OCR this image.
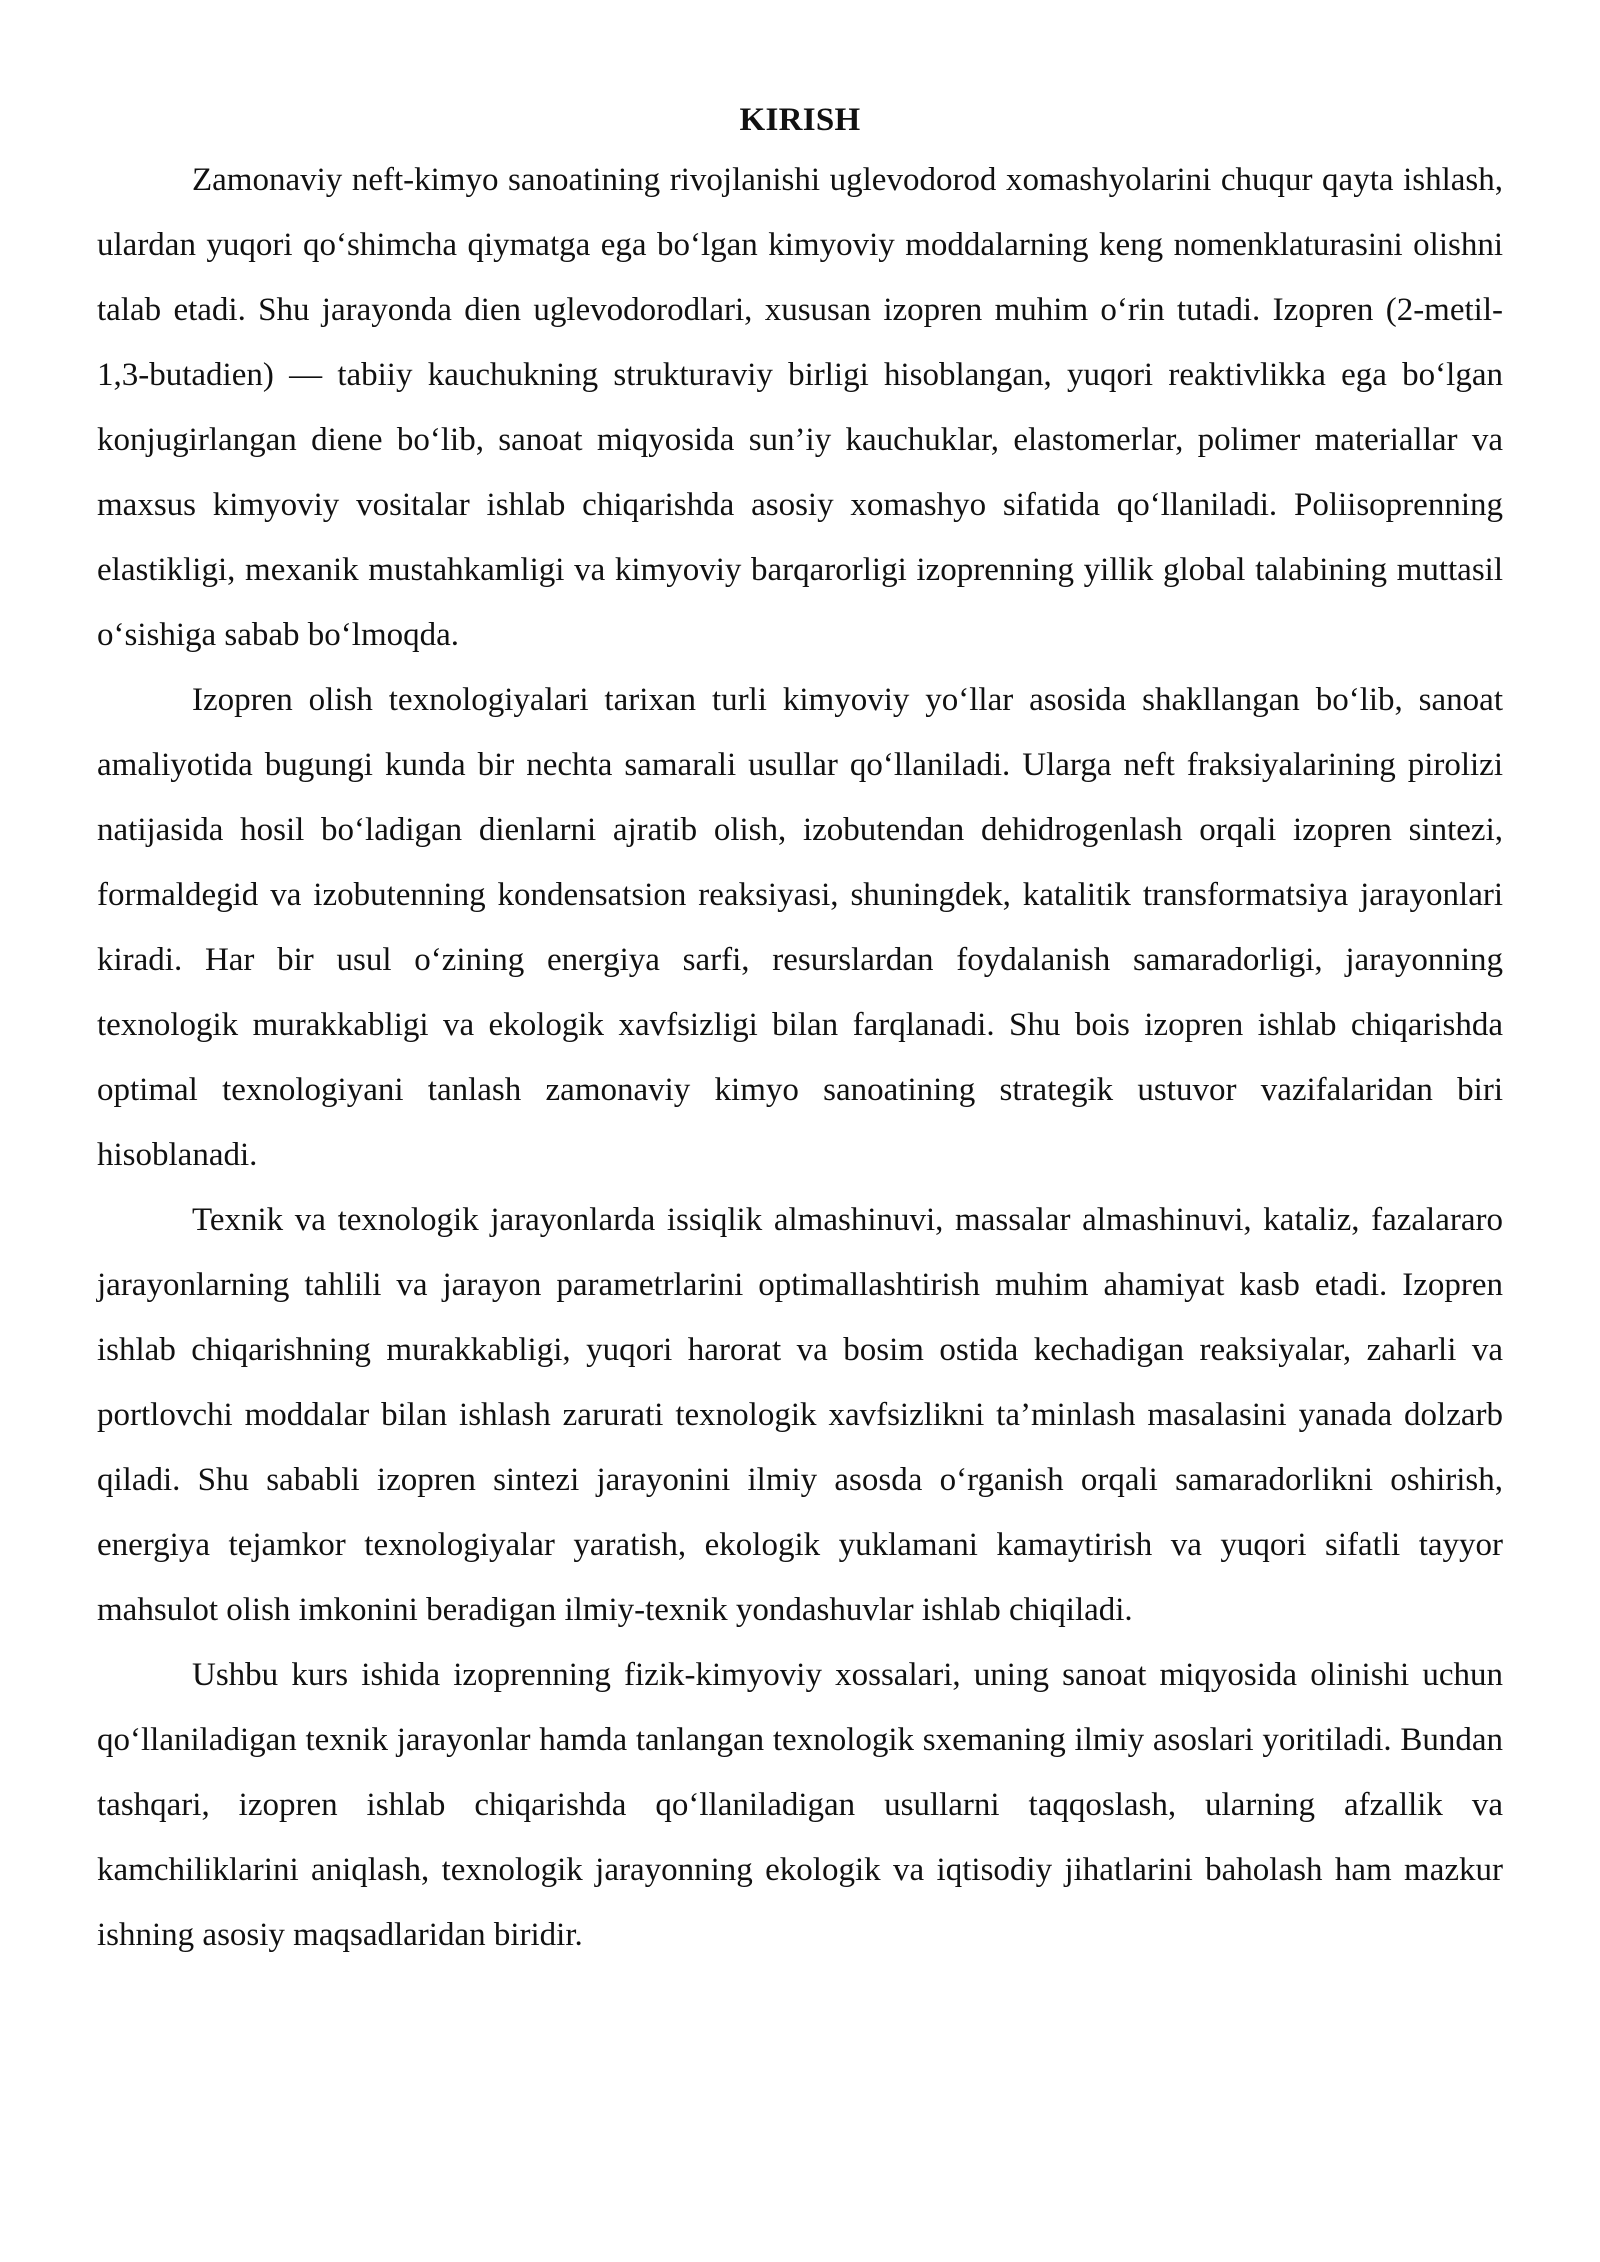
KIRISH

Zamonaviy neft-kimyo sanoatining rivojlanishi uglevodorod xomashyolarini chuqur qayta ishlash, ulardan yuqori qo‘shimcha qiymatga ega bo‘lgan kimyoviy moddalarning keng nomenklaturasini olishni talab etadi. Shu jarayonda dien uglevodorodlari, xususan izopren muhim o‘rin tutadi. Izopren (2-metil-1,3-butadien) — tabiiy kauchukning strukturaviy birligi hisoblangan, yuqori reaktivlikka ega bo‘lgan konjugirlangan diene bo‘lib, sanoat miqyosida sun’iy kauchuklar, elastomerlar, polimer materiallar va maxsus kimyoviy vositalar ishlab chiqarishda asosiy xomashyo sifatida qo‘llaniladi. Poliisoprenning elastikligi, mexanik mustahkamligi va kimyoviy barqarorligi izoprenning yillik global talabining muttasil o‘sishiga sabab bo‘lmoqda.

Izopren olish texnologiyalari tarixan turli kimyoviy yo‘llar asosida shakllangan bo‘lib, sanoat amaliyotida bugungi kunda bir nechta samarali usullar qo‘llaniladi. Ularga neft fraksiyalarining pirolizi natijasida hosil bo‘ladigan dienlarni ajratib olish, izobutendan dehidrogenlash orqali izopren sintezi, formaldegid va izobutenning kondensatsion reaksiyasi, shuningdek, katalitik transformatsiya jarayonlari kiradi. Har bir usul o‘zining energiya sarfi, resurslardan foydalanish samaradorligi, jarayonning texnologik murakkabligi va ekologik xavfsizligi bilan farqlanadi. Shu bois izopren ishlab chiqarishda optimal texnologiyani tanlash zamonaviy kimyo sanoatining strategik ustuvor vazifalaridan biri hisoblanadi.

Texnik va texnologik jarayonlarda issiqlik almashinuvi, massalar almashinuvi, kataliz, fazalararo jarayonlarning tahlili va jarayon parametrlarini optimallashtirish muhim ahamiyat kasb etadi. Izopren ishlab chiqarishning murakkabligi, yuqori harorat va bosim ostida kechadigan reaksiyalar, zaharli va portlovchi moddalar bilan ishlash zarurati texnologik xavfsizlikni ta’minlash masalasini yanada dolzarb qiladi. Shu sababli izopren sintezi jarayonini ilmiy asosda o‘rganish orqali samaradorlikni oshirish, energiya tejamkor texnologiyalar yaratish, ekologik yuklamani kamaytirish va yuqori sifatli tayyor mahsulot olish imkonini beradigan ilmiy-texnik yondashuvlar ishlab chiqiladi.

Ushbu kurs ishida izoprenning fizik-kimyoviy xossalari, uning sanoat miqyosida olinishi uchun qo‘llaniladigan texnik jarayonlar hamda tanlangan texnologik sxemaning ilmiy asoslari yoritiladi. Bundan tashqari, izopren ishlab chiqarishda qo‘llaniladigan usullarni taqqoslash, ularning afzallik va kamchiliklarini aniqlash, texnologik jarayonning ekologik va iqtisodiy jihatlarini baholash ham mazkur ishning asosiy maqsadlaridan biridir.
